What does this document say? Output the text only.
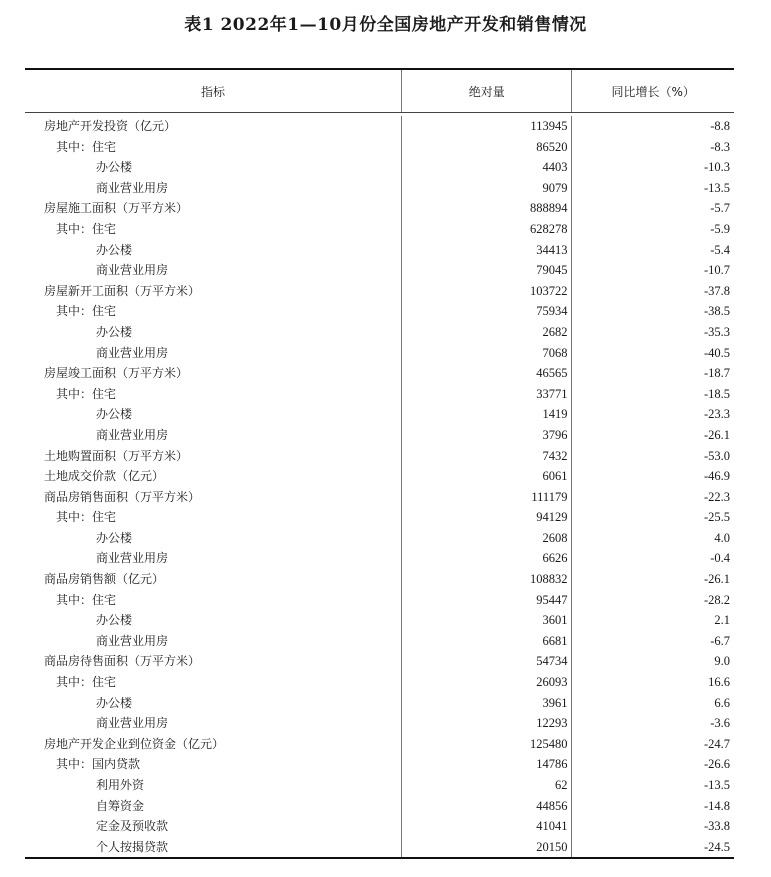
表1 2022年1—10月份全国房地产开发和销售情况
指标	绝对量	同比增长（%）
房地产开发投资（亿元）
其中：住宅
办公楼
商业营业用房
房屋施工面积（万平方米）
其中：住宅
办公楼
商业营业用房
房屋新开工面积（万平方米）
其中：住宅
办公楼
商业营业用房
房屋竣工面积（万平方米）
其中：住宅
办公楼
商业营业用房
土地购置面积（万平方米）
土地成交价款（亿元）
商品房销售面积（万平方米）
其中：住宅
办公楼
商业营业用房
商品房销售额（亿元）
其中：住宅
办公楼
商业营业用房
商品房待售面积（万平方米）
其中：住宅
办公楼
商业营业用房
房地产开发企业到位资金（亿元）
其中：国内贷款
利用外资
自筹资金
定金及预收款
个人按揭贷款
113945
86520
4403
9079
888894
628278
34413
79045
103722
75934
2682
7068
46565
33771
1419
3796
7432
6061
111179
94129
2608
6626
108832
95447
3601
6681
54734
26093
3961
12293
125480
14786
62
44856
41041
20150
-8.8
-8.3
-10.3
-13.5
-5.7
-5.9
-5.4
-10.7
-37.8
-38.5
-35.3
-40.5
-18.7
-18.5
-23.3
-26.1
-53.0
-46.9
-22.3
-25.5
4.0
-0.4
-26.1
-28.2
2.1
-6.7
9.0
16.6
6.6
-3.6
-24.7
-26.6
-13.5
-14.8
-33.8
-24.5
